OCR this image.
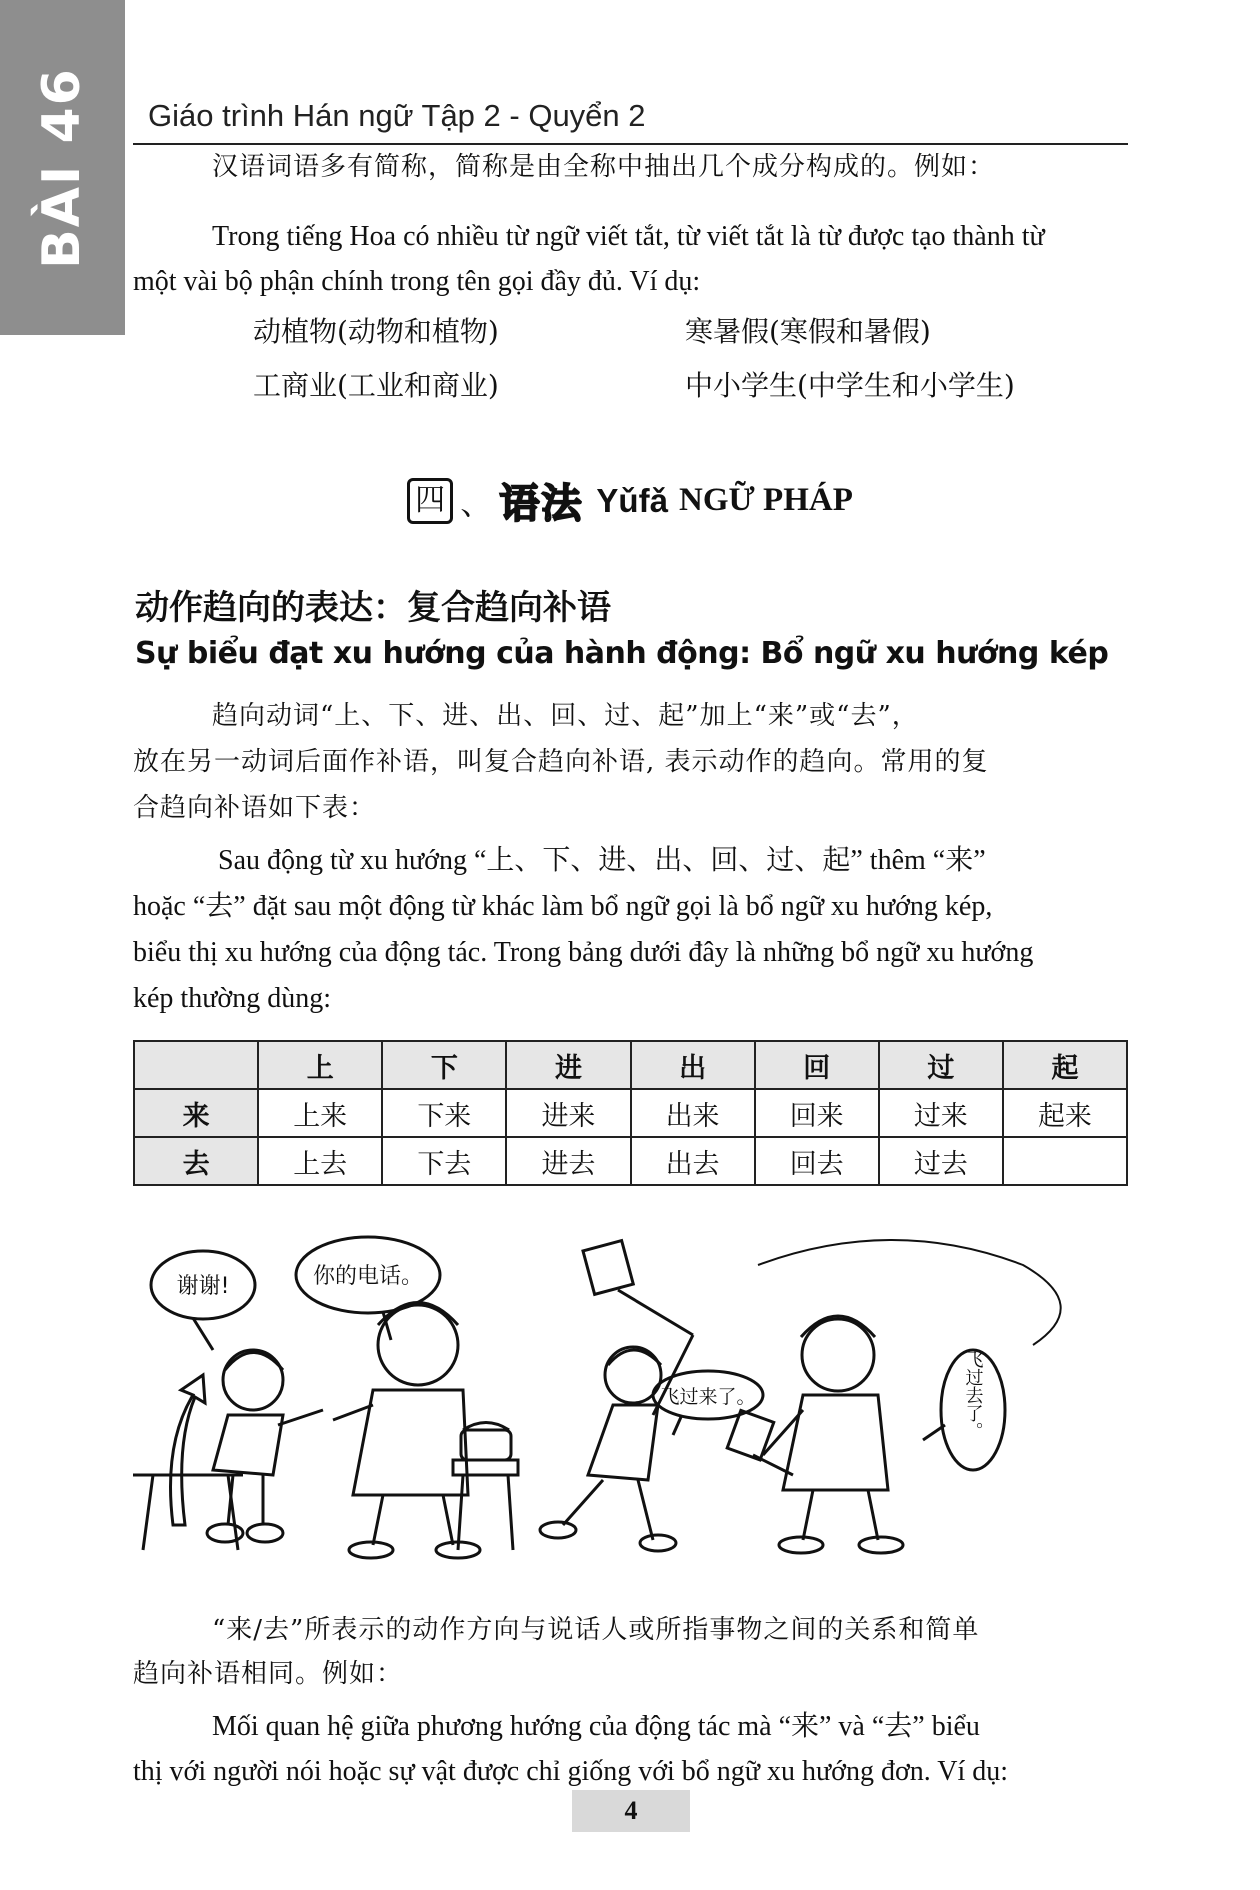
BÀI 46 Giáo trình Hán ngữ Tập 2 - Quyển 2

汉语词语多有简称，简称是由全称中抽出几个成分构成的。例如：

Trong tiếng Hoa có nhiều từ ngữ viết tắt, từ viết tắt là từ được tạo thành từ

một vài bộ phận chính trong tên gọi đầy đủ. Ví dụ:

动植物(动物和植物)	寒暑假(寒假和暑假)
工商业(工业和商业)	中小学生(中学生和小学生)
四 、 语法 Yǔfǎ NGỮ PHÁP
动作趋向的表达：复合趋向补语
Sự biểu đạt xu hướng của hành động: Bổ ngữ xu hướng kép

趋向动词“上、下、进、出、回、过、起”加上“来”或“去”，

放在另一动词后面作补语，叫复合趋向补语, 表示动作的趋向。常用的复

合趋向补语如下表：

Sau động từ xu hướng “上、下、进、出、回、过、起” thêm “来”

hoặc “去” đặt sau một động từ khác làm bổ ngữ gọi là bổ ngữ xu hướng kép,

biểu thị xu hướng của động tác. Trong bảng dưới đây là những bổ ngữ xu hướng

kép thường dùng:

	上	下	进	出	回	过	起
来	上来	下来	进来	出来	回来	过来	起来
去	上去	下去	进去	出去	回去	过去	
谢谢!	你的电话。
飞过来了。	飞过去了。

“来/去”所表示的动作方向与说话人或所指事物之间的关系和简单

趋向补语相同。例如：

Mối quan hệ giữa phương hướng của động tác mà “来” và “去” biểu

thị với người nói hoặc sự vật được chỉ giống với bổ ngữ xu hướng đơn. Ví dụ:

4
